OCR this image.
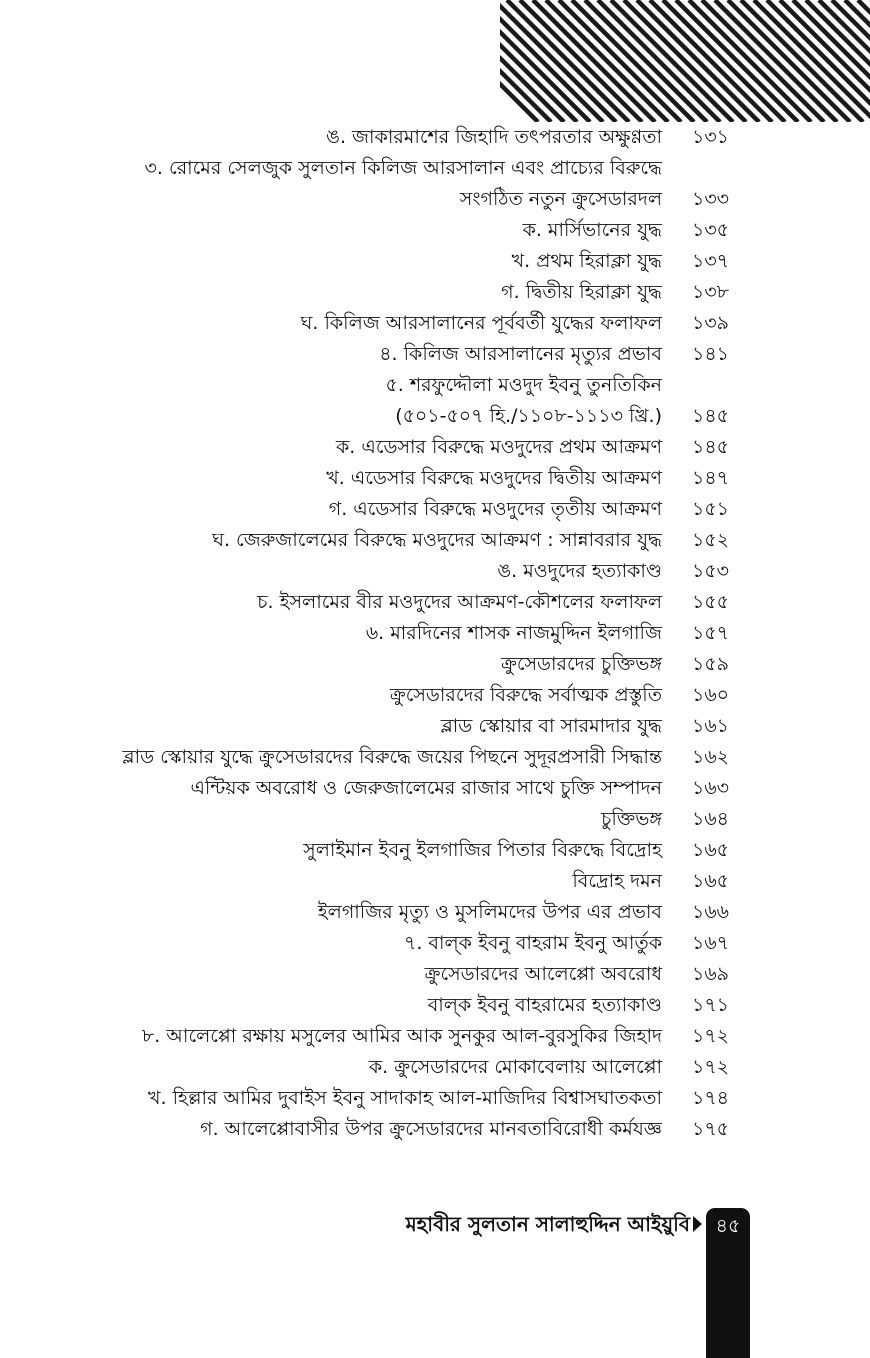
ঙ. জাকারমাশের জিহাদি তৎপরতার অক্ষুণ্ণতা ১৩১
৩. রোমের সেলজুক সুলতান কিলিজ আরসালান এবং প্রাচ্যের বিরুদ্ধে
সংগঠিত নতুন ক্রুসেডারদল ১৩৩
ক. মার্সিভানের যুদ্ধ ১৩৫
খ. প্রথম হিরাক্লা যুদ্ধ ১৩৭
গ. দ্বিতীয় হিরাক্লা যুদ্ধ ১৩৮
ঘ. কিলিজ আরসালানের পূর্ববর্তী যুদ্ধের ফলাফল ১৩৯
৪. কিলিজ আরসালানের মৃত্যুর প্রভাব ১৪১
৫. শরফুদ্দৌলা মওদুদ ইবনু তুনতিকিন
(৫০১-৫০৭ হি./১১০৮-১১১৩ খ্রি.) ১৪৫
ক. এডেসার বিরুদ্ধে মওদুদের প্রথম আক্রমণ ১৪৫
খ. এডেসার বিরুদ্ধে মওদুদের দ্বিতীয় আক্রমণ ১৪৭
গ. এডেসার বিরুদ্ধে মওদুদের তৃতীয় আক্রমণ ১৫১
ঘ. জেরুজালেমের বিরুদ্ধে মওদুদের আক্রমণ : সান্নাবরার যুদ্ধ ১৫২
ঙ. মওদুদের হত্যাকাণ্ড ১৫৩
চ. ইসলামের বীর মওদুদের আক্রমণ-কৌশলের ফলাফল ১৫৫
৬. মারদিনের শাসক নাজমুদ্দিন ইলগাজি ১৫৭
ক্রুসেডারদের চুক্তিভঙ্গ ১৫৯
ক্রুসেডারদের বিরুদ্ধে সর্বাত্মক প্রস্তুতি ১৬০
ব্লাড স্কোয়ার বা সারমাদার যুদ্ধ ১৬১
ব্লাড স্কোয়ার যুদ্ধে ক্রুসেডারদের বিরুদ্ধে জয়ের পিছনে সুদূরপ্রসারী সিদ্ধান্ত ১৬২
এন্টিয়ক অবরোধ ও জেরুজালেমের রাজার সাথে চুক্তি সম্পাদন ১৬৩
চুক্তিভঙ্গ ১৬৪
সুলাইমান ইবনু ইলগাজির পিতার বিরুদ্ধে বিদ্রোহ ১৬৫
বিদ্রোহ দমন ১৬৫
ইলগাজির মৃত্যু ও মুসলিমদের উপর এর প্রভাব ১৬৬
৭. বাল্‌ক ইবনু বাহরাম ইবনু আর্তুক ১৬৭
ক্রুসেডারদের আলেপ্পো অবরোধ ১৬৯
বাল্‌ক ইবনু বাহরামের হত্যাকাণ্ড ১৭১
৮. আলেপ্পো রক্ষায় মসুলের আমির আক সুনকুর আল-বুরসুকির জিহাদ ১৭২
ক. ক্রুসেডারদের মোকাবেলায় আলেপ্পো ১৭২
খ. হিল্লার আমির দুবাইস ইবনু সাদাকাহ আল-মাজিদির বিশ্বাসঘাতকতা ১৭৪
গ. আলেপ্পোবাসীর উপর ক্রুসেডারদের মানবতাবিরোধী কর্মযজ্ঞ ১৭৫
মহাবীর সুলতান সালাহুদ্দিন আইয়ুবি	৪৫
